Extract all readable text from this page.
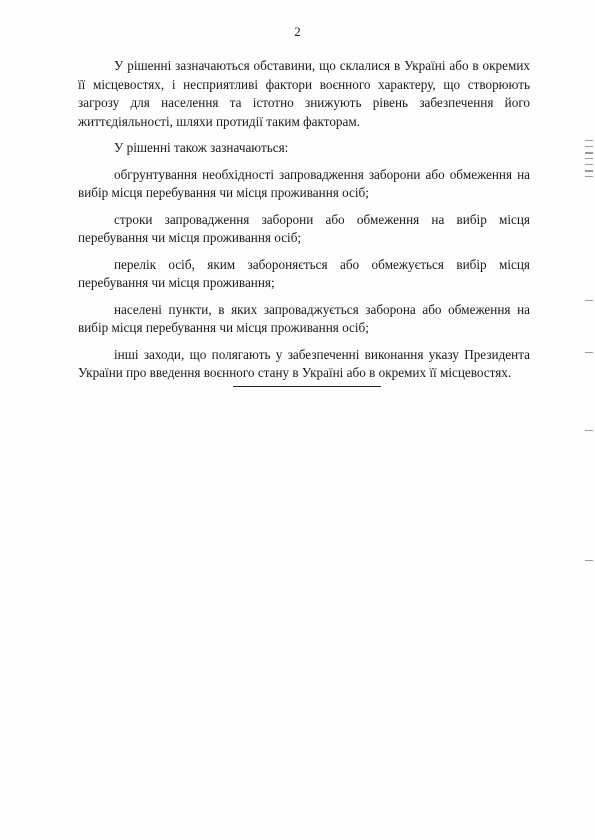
2

У рішенні зазначаються обставини, що склалися в Україні або в окремих її місцевостях, і несприятливі фактори воєнного характеру, що створюють загрозу для населення та істотно знижують рівень забезпечення його життєдіяльності, шляхи протидії таким факторам.

У рішенні також зазначаються:

обгрунтування необхідності запровадження заборони або обмеження на вибір місця перебування чи місця проживання осіб;

строки запровадження заборони або обмеження на вибір місця перебування чи місця проживання осіб;

перелік осіб, яким забороняється або обмежується вибір місця перебування чи місця проживання;

населені пункти, в яких запроваджується заборона або обмеження на вибір місця перебування чи місця проживання осіб;

інші заходи, що полягають у забезпеченні виконання указу Президента України про введення воєнного стану в Україні або в окремих її місцевостях.
